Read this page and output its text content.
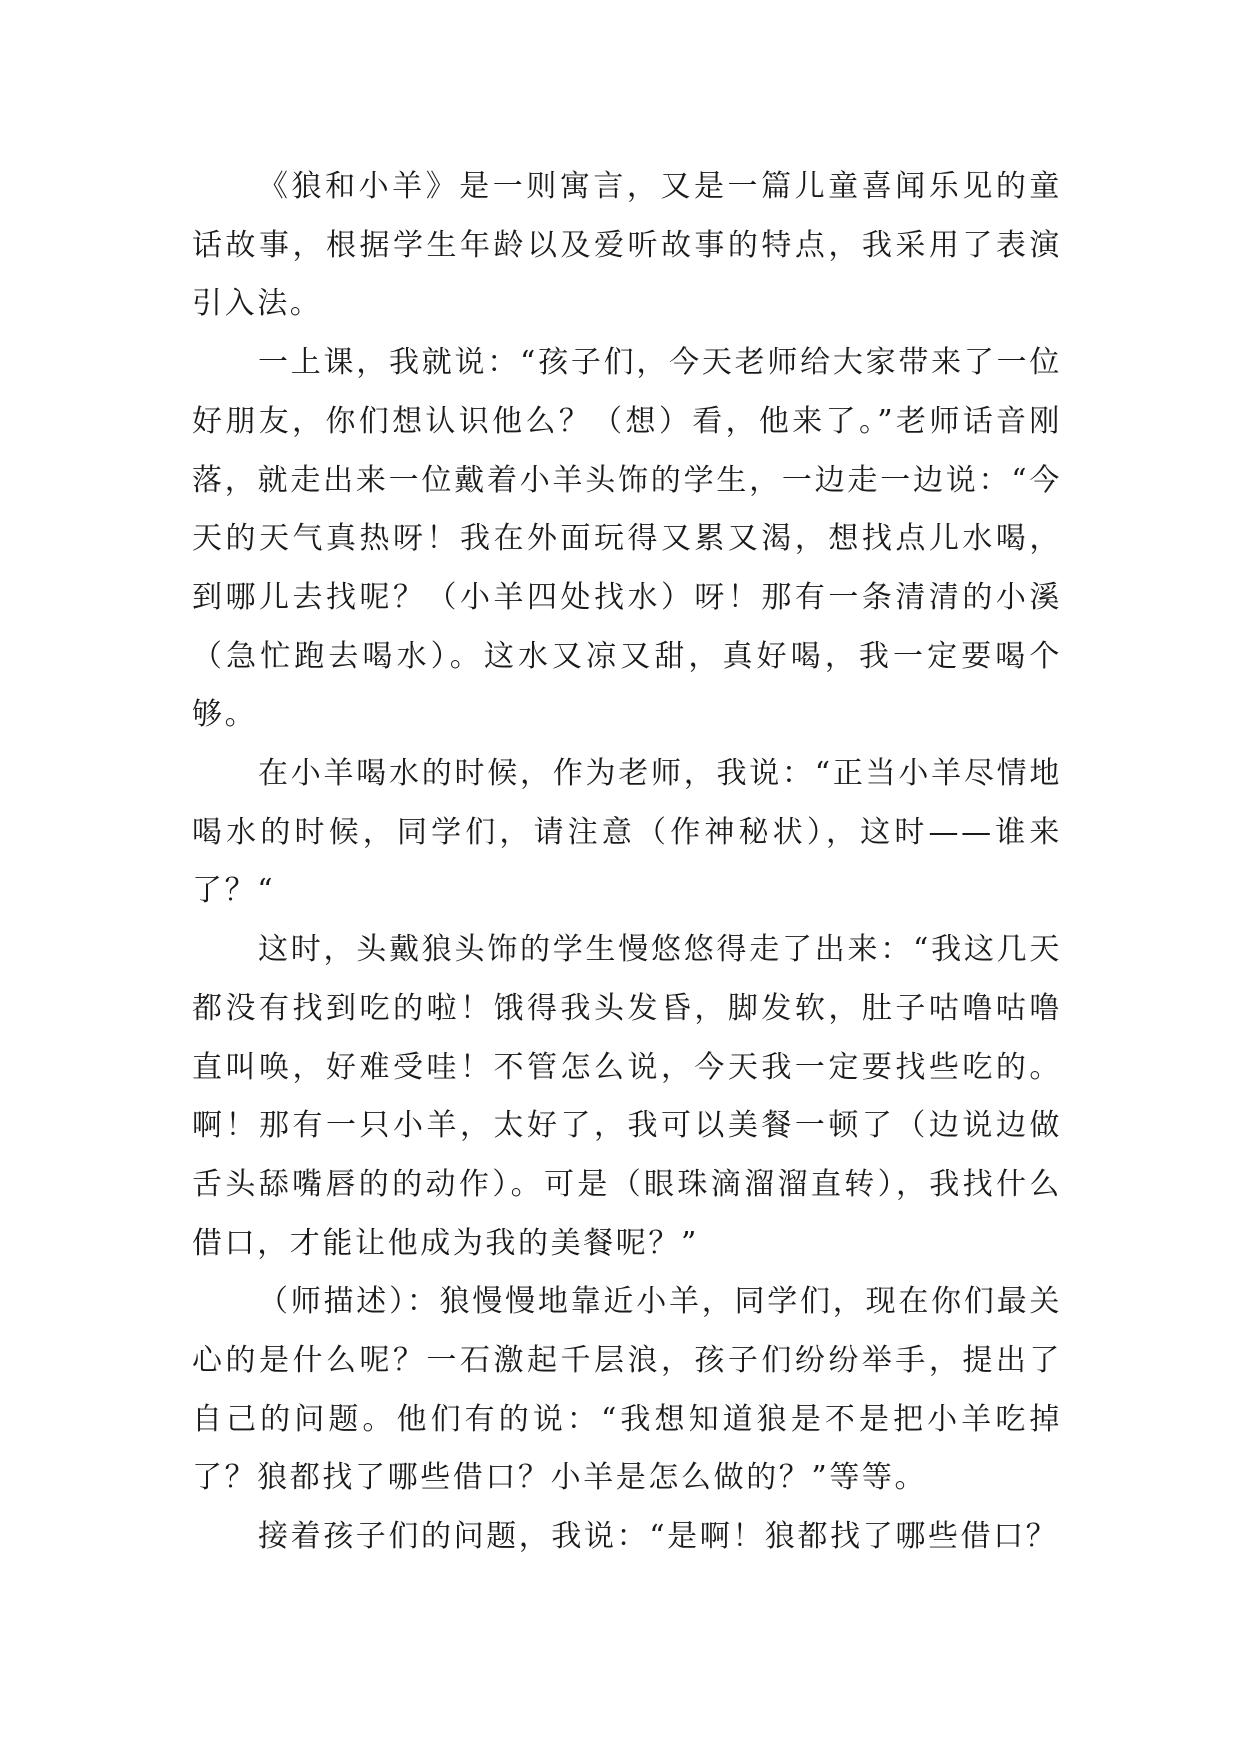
《狼和小羊》是一则寓言，又是一篇儿童喜闻乐见的童话故事，根据学生年龄以及爱听故事的特点，我采用了表演引入法。

一上课，我就说：“孩子们，今天老师给大家带来了一位好朋友，你们想认识他么？（想）看，他来了。”老师话音刚落，就走出来一位戴着小羊头饰的学生，一边走一边说：“今天的天气真热呀！我在外面玩得又累又渴，想找点儿水喝，到哪儿去找呢？（小羊四处找水）呀！那有一条清清的小溪（急忙跑去喝水）。这水又凉又甜，真好喝，我一定要喝个够。

在小羊喝水的时候，作为老师，我说：“正当小羊尽情地喝水的时候，同学们，请注意（作神秘状），这时——谁来了？“

这时，头戴狼头饰的学生慢悠悠得走了出来：“我这几天都没有找到吃的啦！饿得我头发昏，脚发软，肚子咕噜咕噜直叫唤，好难受哇！不管怎么说，今天我一定要找些吃的。啊！那有一只小羊，太好了，我可以美餐一顿了（边说边做舌头舔嘴唇的的动作）。可是（眼珠滴溜溜直转），我找什么借口，才能让他成为我的美餐呢？”

（师描述）：狼慢慢地靠近小羊，同学们，现在你们最关心的是什么呢？一石激起千层浪，孩子们纷纷举手，提出了自己的问题。他们有的说：“我想知道狼是不是把小羊吃掉了？狼都找了哪些借口？小羊是怎么做的？”等等。

接着孩子们的问题，我说：“是啊！狼都找了哪些借口？
